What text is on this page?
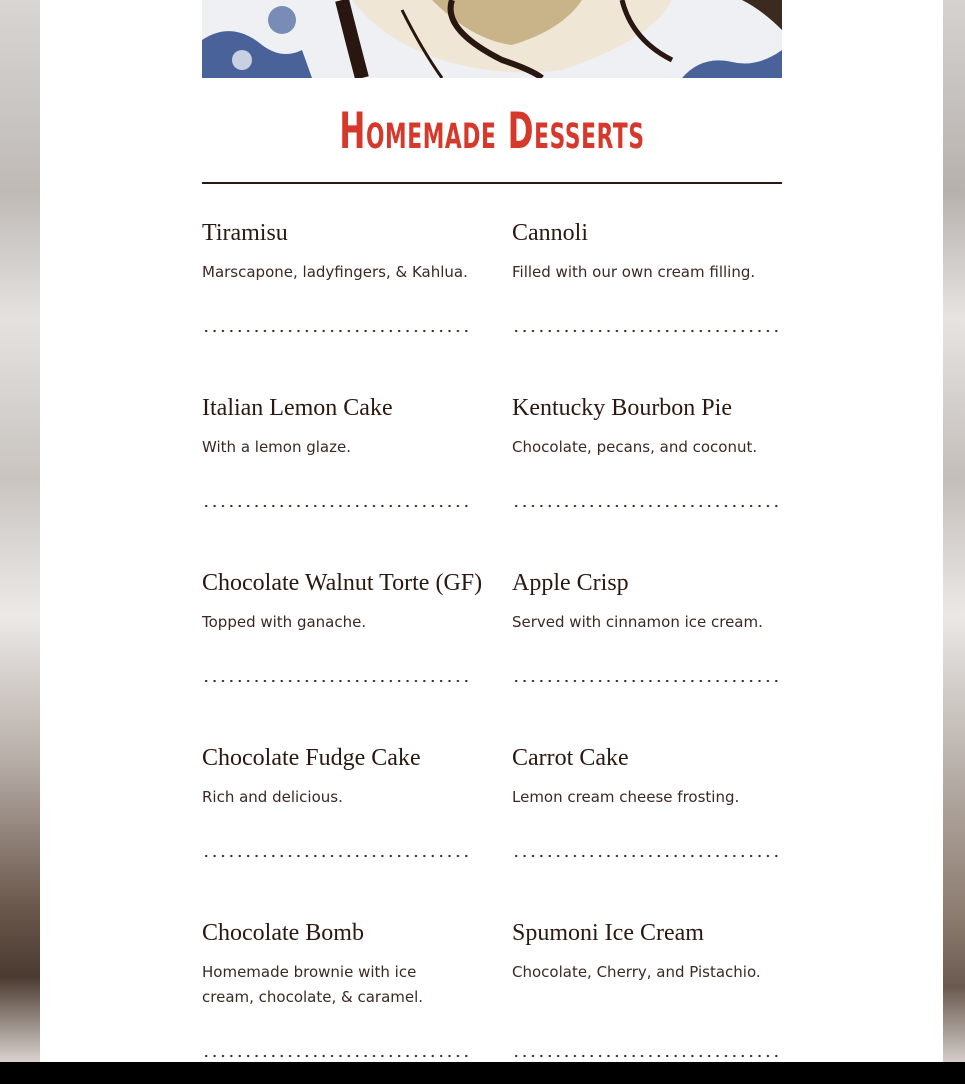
Homemade Desserts
Tiramisu
Marscapone, ladyfingers, & Kahlua.
Cannoli
Filled with our own cream filling.
Italian Lemon Cake
With a lemon glaze.
Kentucky Bourbon Pie
Chocolate, pecans, and coconut.
Chocolate Walnut Torte (GF)
Topped with ganache.
Apple Crisp
Served with cinnamon ice cream.
Chocolate Fudge Cake
Rich and delicious.
Carrot Cake
Lemon cream cheese frosting.
Chocolate Bomb
Homemade brownie with ice cream, chocolate, & caramel.
Spumoni Ice Cream
Chocolate, Cherry, and Pistachio.
